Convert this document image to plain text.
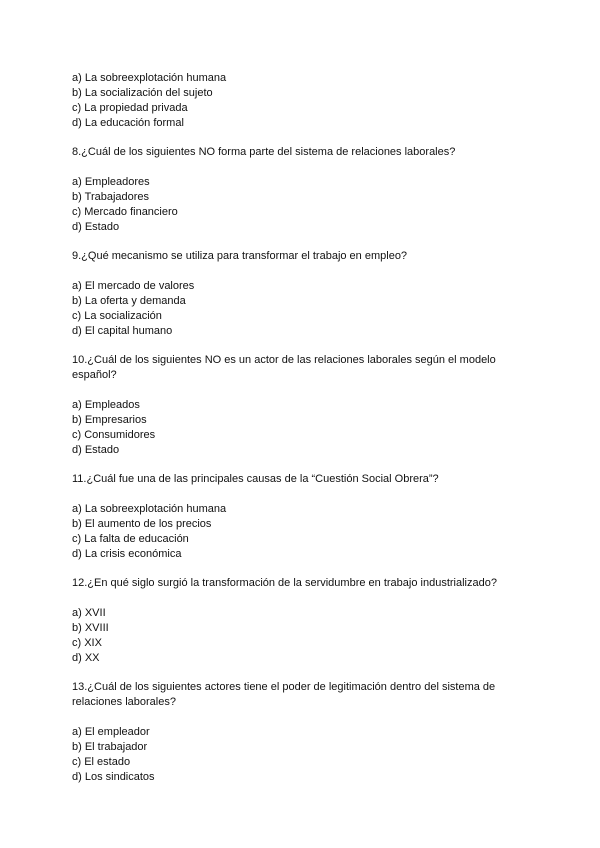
a) La sobreexplotación humana
b) La socialización del sujeto
c) La propiedad privada
d) La educación formal
8.¿Cuál de los siguientes NO forma parte del sistema de relaciones laborales?
a) Empleadores
b) Trabajadores
c) Mercado financiero
d) Estado
9.¿Qué mecanismo se utiliza para transformar el trabajo en empleo?
a) El mercado de valores
b) La oferta y demanda
c) La socialización
d) El capital humano
10.¿Cuál de los siguientes NO es un actor de las relaciones laborales según el modelo español?
a) Empleados
b) Empresarios
c) Consumidores
d) Estado
11.¿Cuál fue una de las principales causas de la “Cuestión Social Obrera”?
a) La sobreexplotación humana
b) El aumento de los precios
c) La falta de educación
d) La crisis económica
12.¿En qué siglo surgió la transformación de la servidumbre en trabajo industrializado?
a) XVII
b) XVIII
c) XIX
d) XX
13.¿Cuál de los siguientes actores tiene el poder de legitimación dentro del sistema de relaciones laborales?
a) El empleador
b) El trabajador
c) El estado
d) Los sindicatos
